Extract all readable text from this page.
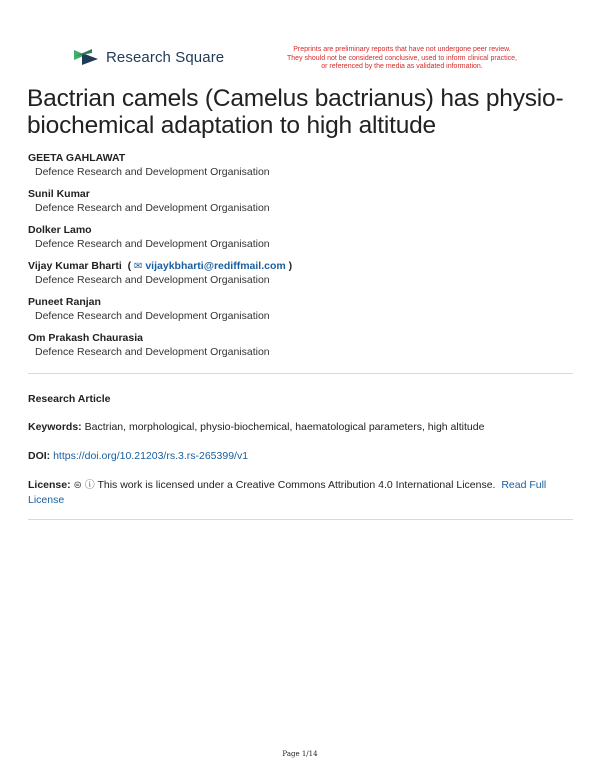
Research Square	Preprints are preliminary reports that have not undergone peer review.
They should not be considered conclusive, used to inform clinical practice,
or referenced by the media as validated information.
Bactrian camels (Camelus bactrianus) has physio-biochemical adaptation to high altitude
GEETA GAHLAWAT
Defence Research and Development Organisation
Sunil Kumar
Defence Research and Development Organisation
Dolker Lamo
Defence Research and Development Organisation
Vijay Kumar Bharti  ( ✉ vijaykbharti@rediffmail.com )
Defence Research and Development Organisation
Puneet Ranjan
Defence Research and Development Organisation
Om Prakash Chaurasia
Defence Research and Development Organisation
Research Article
Keywords: Bactrian, morphological, physio-biochemical, haematological parameters, high altitude
DOI: https://doi.org/10.21203/rs.3.rs-265399/v1
License: ⊜ ⓘ This work is licensed under a Creative Commons Attribution 4.0 International License. Read Full License
Page 1/14
